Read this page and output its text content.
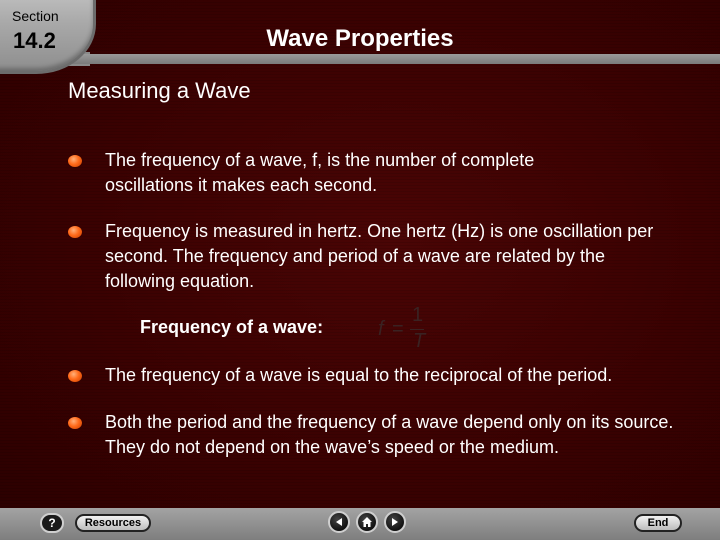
Section
14.2	Wave Properties
Measuring a Wave
The frequency of a wave, f, is the number of complete oscillations it makes each second.
Frequency is measured in hertz. One hertz (Hz) is one oscillation per second. The frequency and period of a wave are related by the following equation.
Frequency of a wave:	f =
1
T
The frequency of a wave is equal to the reciprocal of the period.
Both the period and the frequency of a wave depend only on its source. They do not depend on the wave’s speed or the medium.
?	Resources	End
